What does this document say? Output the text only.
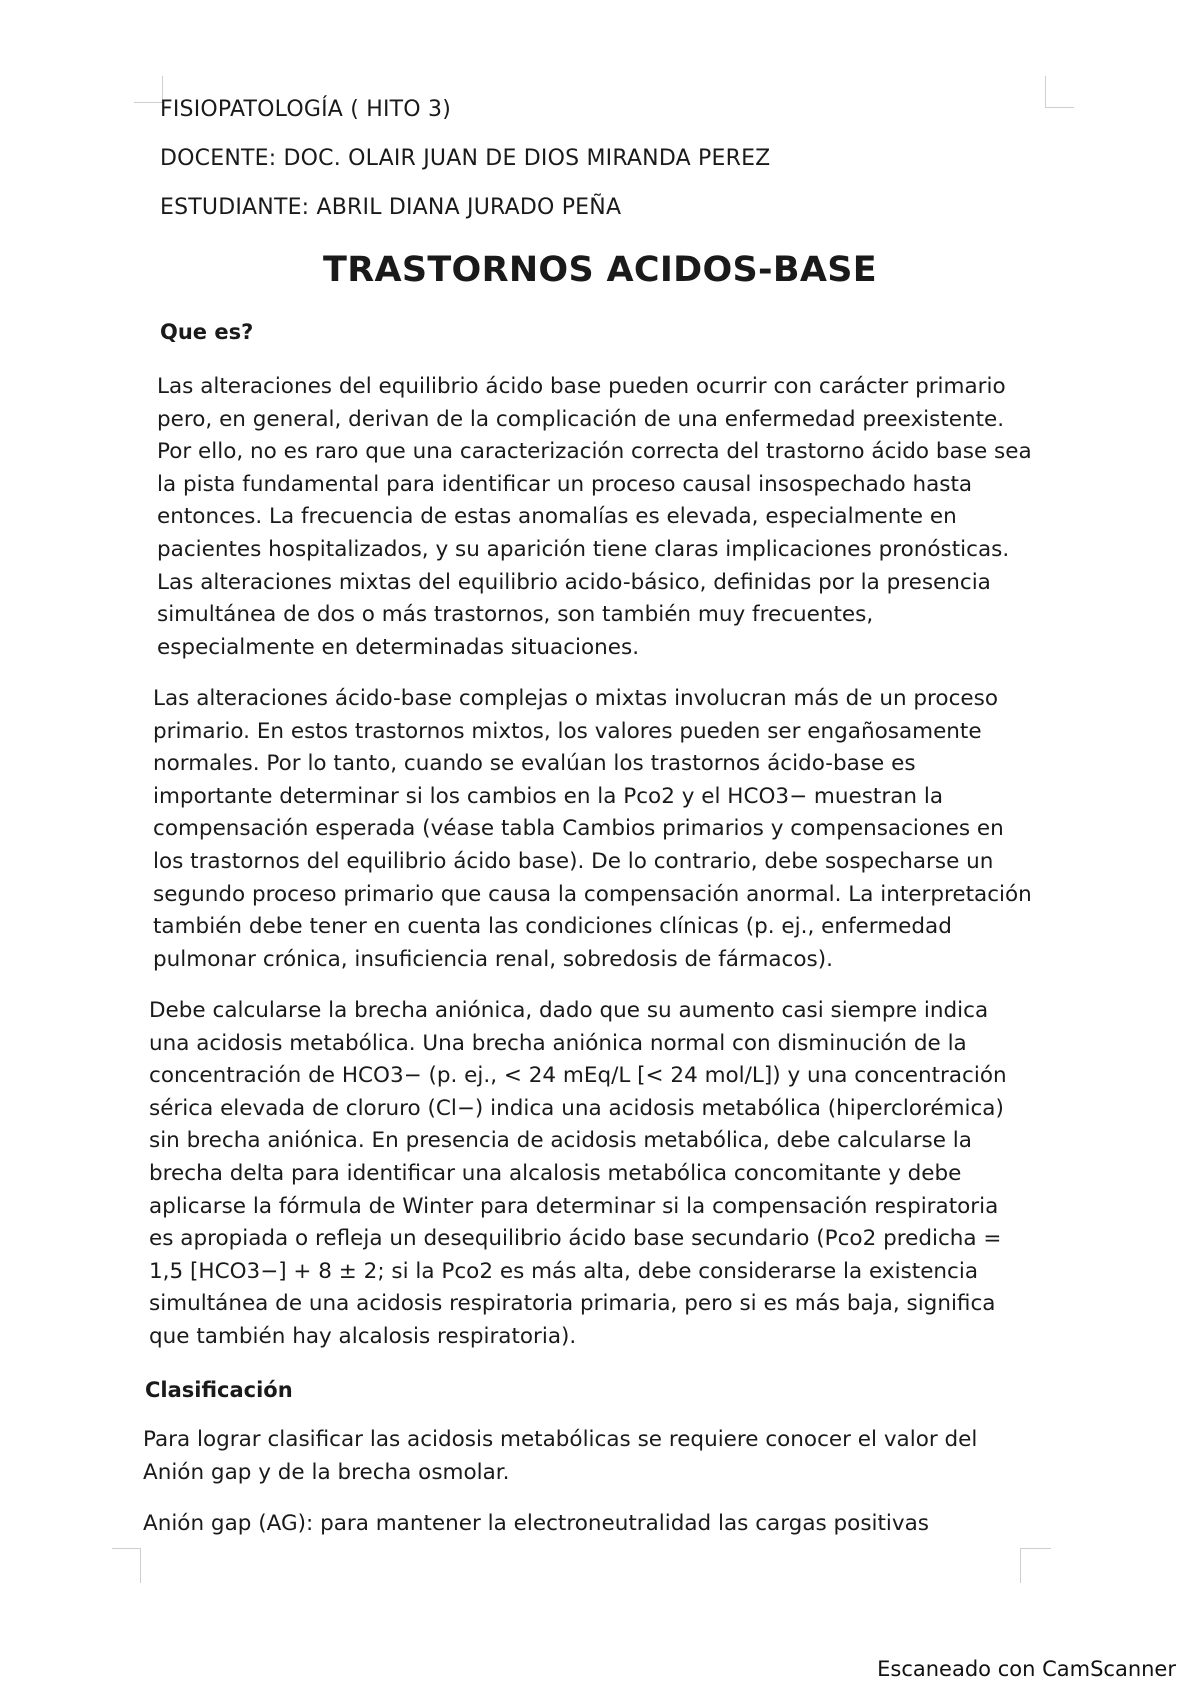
FISIOPATOLOGÍA ( HITO 3)
DOCENTE: DOC. OLAIR JUAN DE DIOS MIRANDA PEREZ
ESTUDIANTE: ABRIL DIANA JURADO PEÑA
TRASTORNOS ACIDOS-BASE
Que es?

Las alteraciones del equilibrio ácido base pueden ocurrir con carácter primario pero, en general, derivan de la complicación de una enfermedad preexistente. Por ello, no es raro que una caracterización correcta del trastorno ácido base sea la pista fundamental para identificar un proceso causal insospechado hasta entonces. La frecuencia de estas anomalías es elevada, especialmente en pacientes hospitalizados, y su aparición tiene claras implicaciones pronósticas. Las alteraciones mixtas del equilibrio acido-básico, definidas por la presencia simultánea de dos o más trastornos, son también muy frecuentes, especialmente en determinadas situaciones.

Las alteraciones ácido-base complejas o mixtas involucran más de un proceso primario. En estos trastornos mixtos, los valores pueden ser engañosamente normales. Por lo tanto, cuando se evalúan los trastornos ácido-base es importante determinar si los cambios en la Pco2 y el HCO3− muestran la compensación esperada (véase tabla Cambios primarios y compensaciones en los trastornos del equilibrio ácido base). De lo contrario, debe sospecharse un segundo proceso primario que causa la compensación anormal. La interpretación también debe tener en cuenta las condiciones clínicas (p. ej., enfermedad pulmonar crónica, insuficiencia renal, sobredosis de fármacos).

Debe calcularse la brecha aniónica, dado que su aumento casi siempre indica una acidosis metabólica. Una brecha aniónica normal con disminución de la concentración de HCO3− (p. ej., < 24 mEq/L [< 24 mol/L]) y una concentración sérica elevada de cloruro (Cl−) indica una acidosis metabólica (hiperclorémica) sin brecha aniónica. En presencia de acidosis metabólica, debe calcularse la brecha delta para identificar una alcalosis metabólica concomitante y debe aplicarse la fórmula de Winter para determinar si la compensación respiratoria es apropiada o refleja un desequilibrio ácido base secundario (Pco2 predicha = 1,5 [HCO3−] + 8 ± 2; si la Pco2 es más alta, debe considerarse la existencia simultánea de una acidosis respiratoria primaria, pero si es más baja, significa que también hay alcalosis respiratoria).

Clasificación

Para lograr clasificar las acidosis metabólicas se requiere conocer el valor del Anión gap y de la brecha osmolar.

Anión gap (AG): para mantener la electroneutralidad las cargas positivas

Escaneado con CamScanner
